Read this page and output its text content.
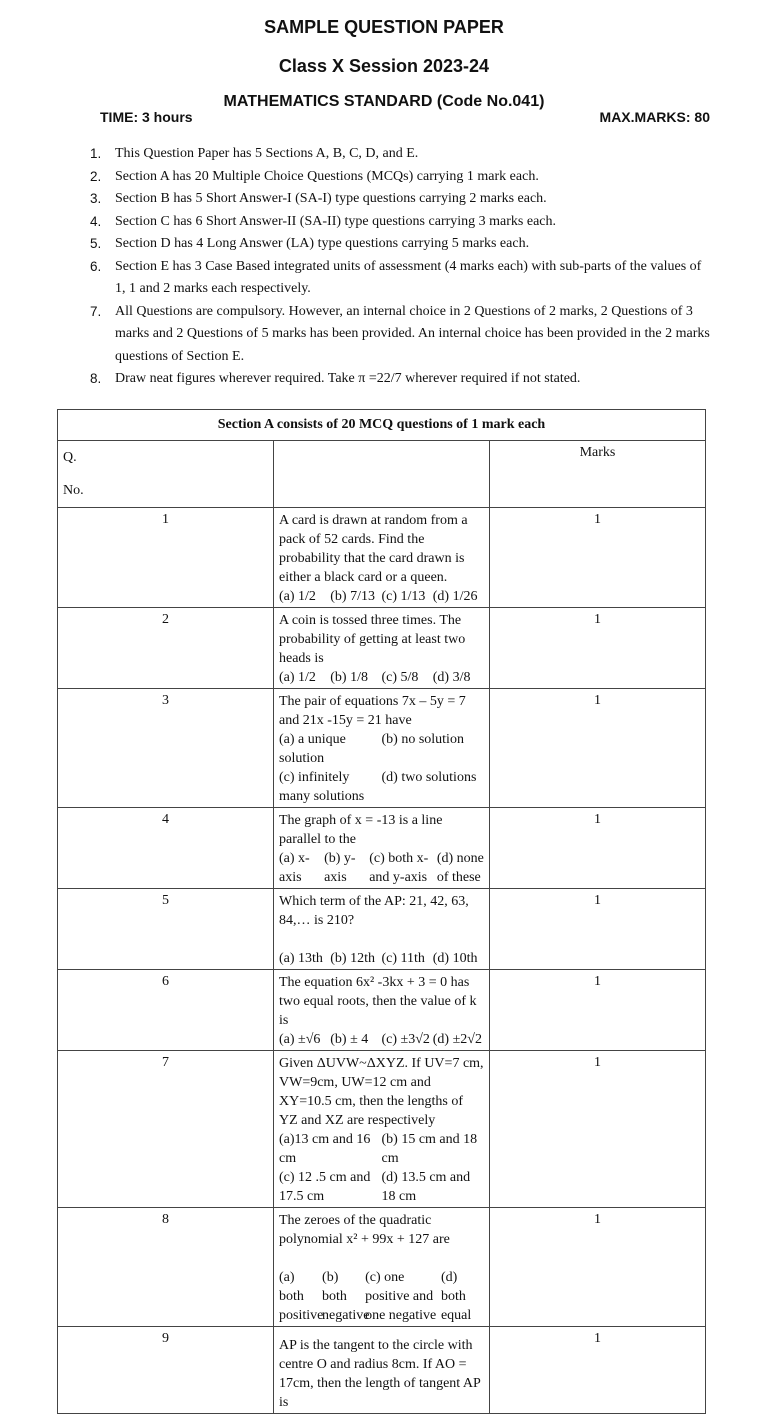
SAMPLE QUESTION PAPER
Class X Session 2023-24
MATHEMATICS STANDARD (Code No.041)
TIME: 3 hours	MAX.MARKS: 80
1. This Question Paper has 5 Sections A, B, C, D, and E.
2. Section A has 20 Multiple Choice Questions (MCQs) carrying 1 mark each.
3. Section B has 5 Short Answer-I (SA-I) type questions carrying 2 marks each.
4. Section C has 6 Short Answer-II (SA-II) type questions carrying 3 marks each.
5. Section D has 4 Long Answer (LA) type questions carrying 5 marks each.
6. Section E has 3 Case Based integrated units of assessment (4 marks each) with sub-parts of the values of 1, 1 and 2 marks each respectively.
7. All Questions are compulsory. However, an internal choice in 2 Questions of 2 marks, 2 Questions of 3 marks and 2 Questions of 5 marks has been provided. An internal choice has been provided in the 2 marks questions of Section E.
8. Draw neat figures wherever required. Take π =22/7 wherever required if not stated.
Section A consists of 20 MCQ questions of 1 mark each		

Q.
No.		Marks
1	A card is drawn at random from a pack of 52 cards. Find the probability that the card drawn is either a black card or a queen.
(a) 1/2 (b) 7/13 (c) 1/13 (d) 1/26	1
2	A coin is tossed three times. The probability of getting at least two heads is
(a) 1/2 (b) 1/8 (c) 5/8 (d) 3/8	1
3	The pair of equations 7x – 5y = 7 and 21x -15y = 21 have
(a) a unique solution
(b) no solution
(c) infinitely many solutions
(d) two solutions	1
4	The graph of x = -13 is a line parallel to the
(a) x-axis
(b) y-axis
(c) both x- and y-axis
(d) none of these	1
5	Which term of the AP: 21, 42, 63, 84,… is 210?
(a) 13th (b) 12th (c) 11th (d) 10th	1
6	The equation 6x² -3kx + 3 = 0 has two equal roots, then the value of k is
(a) ±√6 (b) ± 4 (c) ±3√2 (d) ±2√2	1
7	Given ΔUVW~ΔXYZ. If UV=7 cm, VW=9cm, UW=12 cm and XY=10.5 cm, then the lengths of YZ and XZ are respectively
(a)13 cm and 16 cm
(b) 15 cm and 18 cm
(c) 12 .5 cm and 17.5 cm
(d) 13.5 cm and 18 cm	1
8	The zeroes of the quadratic polynomial x² + 99x + 127 are
(a) both positive
(b) both negative
(c) one positive and one negative
(d) both equal	1
9	AP is the tangent to the circle with centre O and radius 8cm. If AO = 17cm, then the length of tangent AP is	1
